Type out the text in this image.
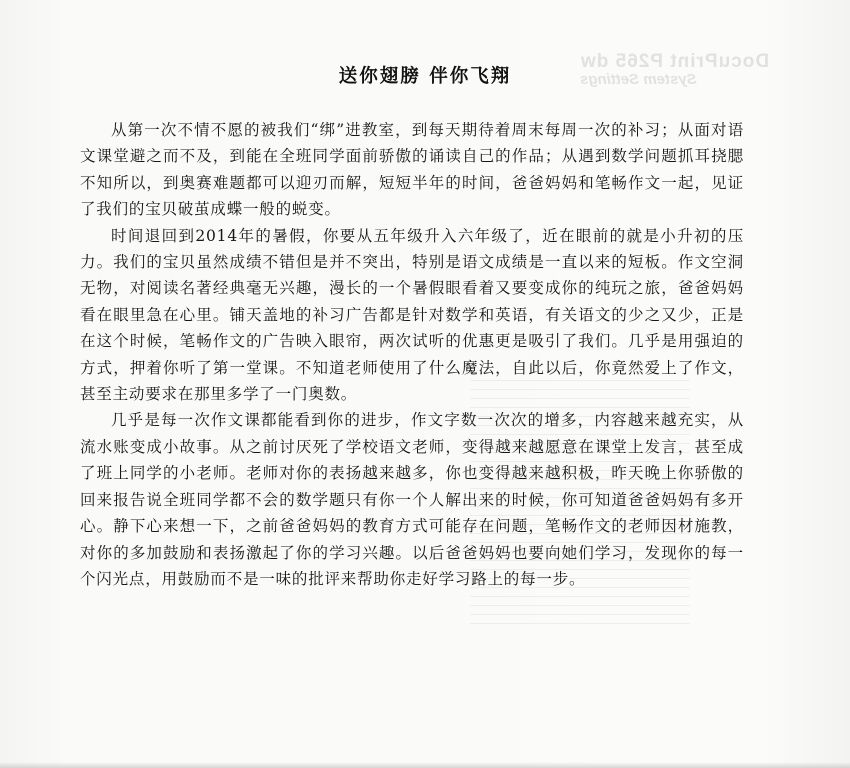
DocuPrint P265 dw
System Settings
送你翅膀 伴你飞翔

从第一次不情不愿的被我们“绑”进教室，到每天期待着周末每周一次的补习；从面对语文课堂避之而不及，到能在全班同学面前骄傲的诵读自己的作品；从遇到数学问题抓耳挠腮不知所以，到奥赛难题都可以迎刃而解，短短半年的时间，爸爸妈妈和笔畅作文一起，见证了我们的宝贝破茧成蝶一般的蜕变。

时间退回到2014年的暑假，你要从五年级升入六年级了，近在眼前的就是小升初的压力。我们的宝贝虽然成绩不错但是并不突出，特别是语文成绩是一直以来的短板。作文空洞无物，对阅读名著经典毫无兴趣，漫长的一个暑假眼看着又要变成你的纯玩之旅，爸爸妈妈看在眼里急在心里。铺天盖地的补习广告都是针对数学和英语，有关语文的少之又少，正是在这个时候，笔畅作文的广告映入眼帘，两次试听的优惠更是吸引了我们。几乎是用强迫的方式，押着你听了第一堂课。不知道老师使用了什么魔法，自此以后，你竟然爱上了作文，甚至主动要求在那里多学了一门奥数。

几乎是每一次作文课都能看到你的进步，作文字数一次次的增多，内容越来越充实，从流水账变成小故事。从之前讨厌死了学校语文老师，变得越来越愿意在课堂上发言，甚至成了班上同学的小老师。老师对你的表扬越来越多，你也变得越来越积极，昨天晚上你骄傲的回来报告说全班同学都不会的数学题只有你一个人解出来的时候，你可知道爸爸妈妈有多开心。静下心来想一下，之前爸爸妈妈的教育方式可能存在问题，笔畅作文的老师因材施教，对你的多加鼓励和表扬激起了你的学习兴趣。以后爸爸妈妈也要向她们学习，发现你的每一个闪光点，用鼓励而不是一味的批评来帮助你走好学习路上的每一步。
